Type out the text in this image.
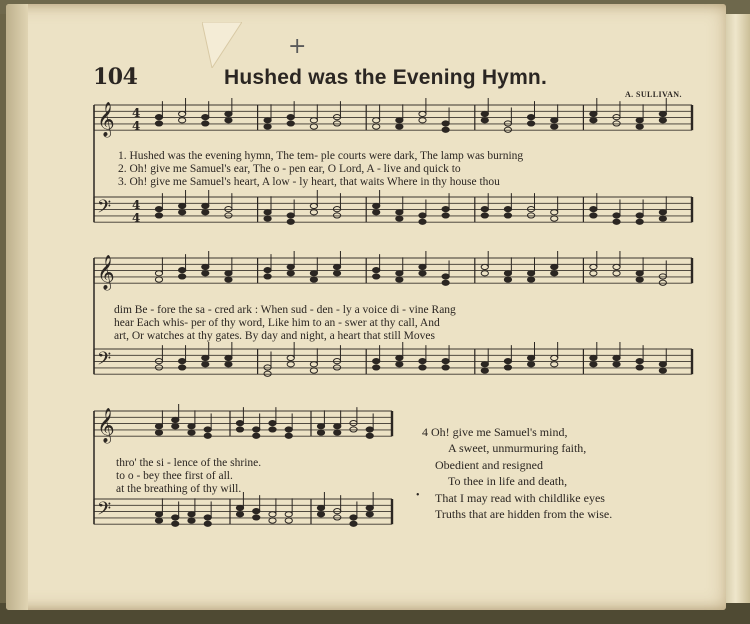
+
104	Hushed was the Evening Hymn.
A. SULLIVAN.
𝄞 4
4
𝄢 4
4
𝄞
𝄢
𝄞
𝄢
1. Hushed was the evening hymn, The tem- ple courts were dark, The lamp was burning
2. Oh! give me Samuel's ear, The o - pen ear, O Lord, A - live and quick to
3. Oh! give me Samuel's heart, A low - ly heart, that waits Where in thy house thou
dim Be - fore the sa - cred ark : When sud - den - ly a voice di - vine Rang
hear Each whis- per of thy word, Like him to an - swer at thy call, And
art, Or watches at thy gates. By day and night, a heart that still Moves
thro' the si - lence of the shrine.
to o - bey thee first of all.
at the breathing of thy will.
4 Oh! give me Samuel's mind,
A sweet, unmurmuring faith,
Obedient and resigned
To thee in life and death,
That I may read with childlike eyes
Truths that are hidden from the wise.
•
